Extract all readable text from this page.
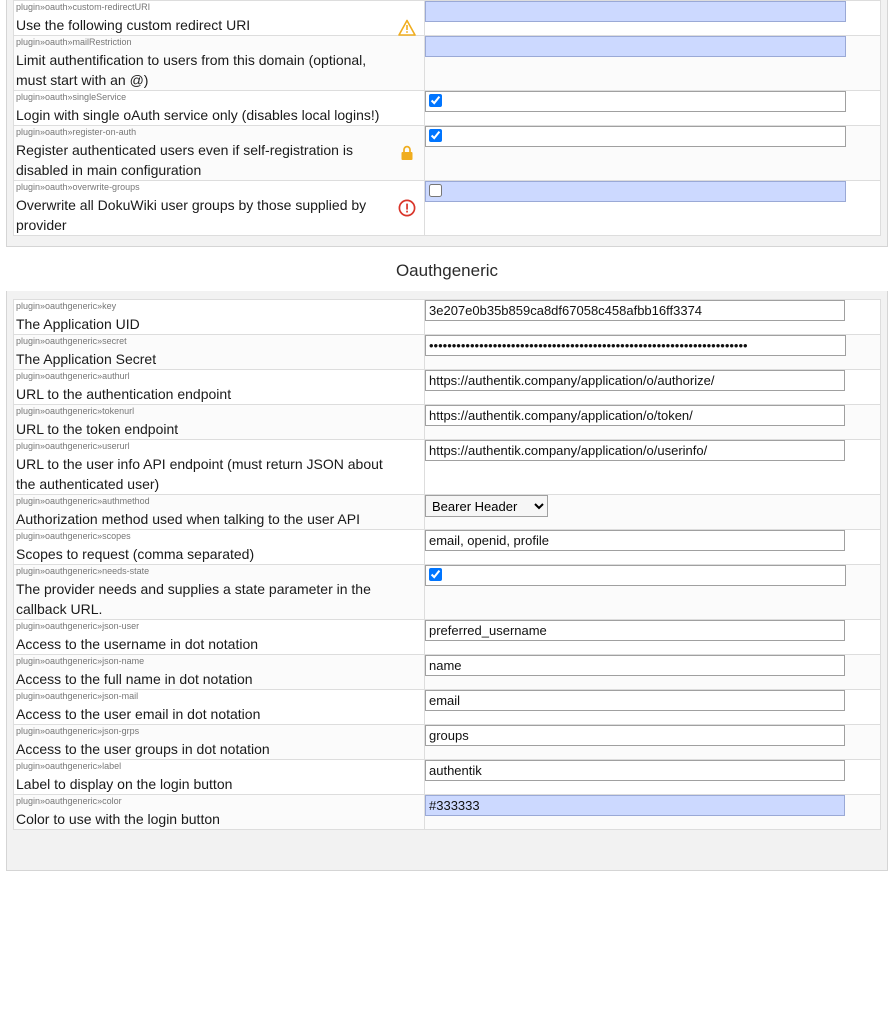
plugin»oauth»custom-redirectURI
Use the following custom redirect URI

plugin»oauth»mailRestriction
Limit authentification to users from this domain (optional, must start with an @)

plugin»oauth»singleService
Login with single oAuth service only (disables local logins!)

plugin»oauth»register-on-auth
Register authenticated users even if self-registration is disabled in main configuration

plugin»oauth»overwrite-groups
Overwrite all DokuWiki user groups by those supplied by provider

Oauthgeneric
plugin»oauthgeneric»key
The Application UID
	3e207e0b35b859ca8df67058c458afbb16ff3374

plugin»oauthgeneric»secret
The Application Secret
	••••••••••••••••••••••••••••••••••••••••••••••••••••••••••••••••••••••

plugin»oauthgeneric»authurl
URL to the authentication endpoint
	https://authentik.company/application/o/authorize/

plugin»oauthgeneric»tokenurl
URL to the token endpoint
	https://authentik.company/application/o/token/

plugin»oauthgeneric»userurl
URL to the user info API endpoint (must return JSON about the authenticated user)
	https://authentik.company/application/o/userinfo/

plugin»oauthgeneric»authmethod
Authorization method used when talking to the user API

Bearer Header

plugin»oauthgeneric»scopes
Scopes to request (comma separated)
	email, openid, profile

plugin»oauthgeneric»needs-state
The provider needs and supplies a state parameter in the callback URL.

plugin»oauthgeneric»json-user
Access to the username in dot notation
	preferred_username

plugin»oauthgeneric»json-name
Access to the full name in dot notation
	name

plugin»oauthgeneric»json-mail
Access to the user email in dot notation
	email

plugin»oauthgeneric»json-grps
Access to the user groups in dot notation
	groups

plugin»oauthgeneric»label
Label to display on the login button
	authentik

plugin»oauthgeneric»color
Color to use with the login button
	#333333
